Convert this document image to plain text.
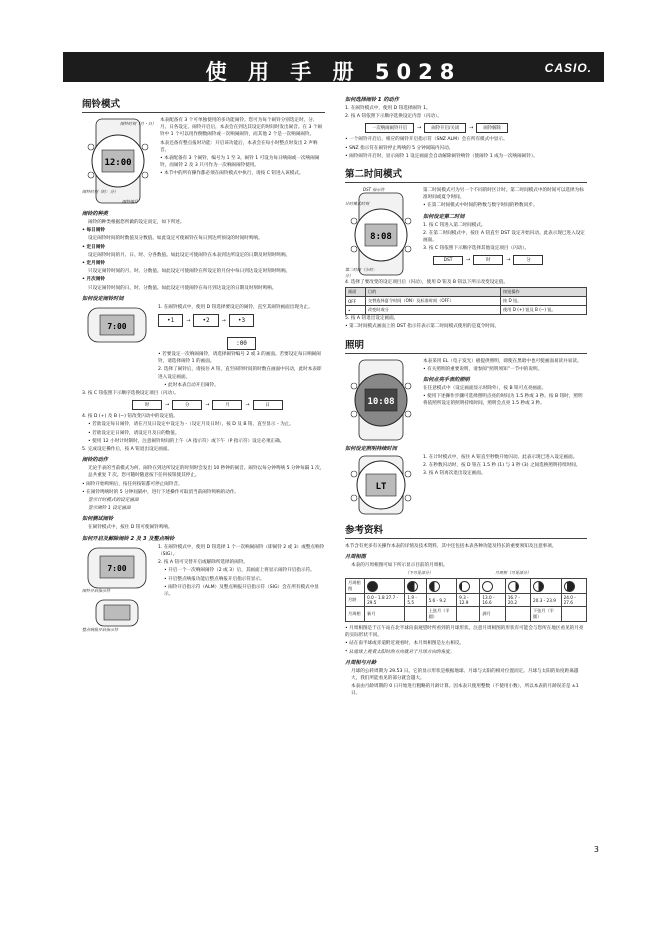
使 用 手 册 5028	CASIO.
闹铃模式
12:00
闹铃时刻（月・日）
闹铃时刻（时：分）
闹铃编号

本表配备有 3 个可单独使用的多功能闹铃。您可为每个闹铃分别选定时、分、月、日各设定。闹铃开启后，本表会在到达其设定的时间时发出闹音。在 3 个闹铃中 1 个可以用作倒数闹铃或一次响闹闹铃，而其他 2 个是一次响闹闹铃。

本表还备有整点报时功能：开启该功能后，本表会在每小时整点时发出 2 声响音。

• 本表配备有 3 个闹铃，编号为 1 至 3。闹铃 1 可设为每日响闹或一次响闹闹铃，而闹铃 2 及 3 只可作为一次响闹闹铃使用。

• 本节中的所有操作都必须在闹铃模式中执行，请按 C 钮进入该模式。

闹铃的种类

闹铃的种类根据您所做的设定而定，如下所述。

• 每日闹铃

设定闹铃时间的时数值及分数值。如此设定可使闹铃在每日到达所预设的时间时鸣响。

• 定日闹铃

设定闹铃时间的月、日、时、分各数值。如此设定可使闹铃在本表到达所设定的日期及时刻时鸣响。

• 定月闹铃

只设定闹铃时间的月、时、分数值。如此设定可使闹铃在所设定的月份中每日到达设定时刻时鸣响。

• 月次闹铃

只设定闹铃时间的日、时、分数值。如此设定可使闹铃在每月到达设定的日期及时刻时鸣响。

如何设定闹铃时间
7:00

1. 在闹铃模式中，使用 D 钮选择要设定的闹铃，直至其闹铃画面出现为止。

•1	→	•2	→	•3
:00

• 若要设定一次响闹闹铃，请选择闹铃编号 2 或 3 的画面。若要设定每日响闹闹铃，请选择闹铃 1 的画面。

2. 选择了闹铃后，请按住 A 钮，直至闹铃时间的时数在画面中闪动，此时本表即进入设定画面。

• 此时本表自动开启闹铃。

3. 按 C 钮依照下示顺序选换设定项目（闪动）。

时	→	分	→	月	→	日

4. 按 D (+) 及 B (−) 钮改变闪动中的设定值。

• 若欲设定每日闹铃，请在月及日设定中设定为 -（设定月及日时），按 D 及 B 钮，直至显示 - 为止。

• 若欲设定定日闹铃，请设定月及日的数值。

• 使用 12 小时计时制时，注意闹铃时间的上午（A 指示符）或下午（P 指示符）设定必须正确。

5. 完成设定操作后，按 A 钮退出设定画面。

闹铃的动作

无论手表的当前模式为何，闹铃在到达所设定的时刻时会发出 10 秒钟的闹音。闹铃以每分钟鸣响 5 分钟每隔 1 次，总共重复 7 次。您可随时随意按下任何按钮使其停止。

• 闹铃开始鸣响后，按任何按钮都可停止闹铃音。

• 在闹铃鸣响时的 5 分钟间隔中，进行下述操作可取消当前闹铃鸣响的动作。

显示计时模式的设定画面

显示闹铃 1 设定画面

如何测试闹铃

在闹铃模式中，按住 D 钮可使闹铃鸣响。

如何开启及解除闹铃 2 及 3 及整点响铃
7:00
闹铃开启指示符
整点响报开启指示符

1. 在闹铃模式中，使用 D 钮选择 1 个一次响闹闹铃（即闹铃 2 或 3）或整点响铃（SIG）。

2. 按 A 钮可交替开启或解除所选择的闹铃。

• 开启一个一次响闹闹铃（2 或 3）后，其画面上将显示闹铃开启指示符。

• 开启整点响报功能后整点响报开启指示符显示。

• 闹铃开启指示符（ALM）及整点响报开启指示符（SIG）会在所有模式中显示。

如何选择闹铃 1 的动作

1. 在闹铃模式中，使用 D 钮选择闹铃 1。

2. 按 A 钮依照下示顺序选换设定内容（闪动）。

一次响闹闹铃开启	→	闹铃开启/关闭	→	闹铃解除

• 一个闹铃开启后，相应的闹铃开启指示符（SNZ ALM）会在所有模式中显示。

• SNZ 指示符在闹铃停止鸣响的 5 分钟间隔内闪动。

• 闹铃闹铃开启时，显示闹铃 1 设定画面会自动解除闹铃响铃（使闹铃 1 成为一次响闹闹铃）。

第二时间模式
8:08
DST 指示符
计时模式时刻
第二时间（小时：分）

第二时间模式可为另一个不同的时区计时。第二时间模式中的时间可以选择为标准时间或夏令时间。

• 在第二时间模式中时间的秒数与数字时间的秒数同步。

如何设定第二时间

1. 按 C 钮进入第二时间模式。

2. 在第二时间模式中，按住 A 钮直至 DST 设定开始闪动。此表示现已进入设定画面。

3. 按 C 钮依照下示顺序选择其他设定项目（闪动）。

DST	→	时	→	分

4. 选择了要改变的设定项目后（闪动），使用 D 钮及 B 钮以下所示改变设定值。

画面	目的	按钮操作
OFF	交替选择夏令时间（ON）及标准时间（OFF）	按 D 钮。
•	改变时或分	使用 D (+) 钮及 B (−) 钮。

5. 按 A 钮退出设定画面。

• 第二时间模式画面上的 DST 指示符表示第二时间模式使用的是夏令时间。

照明
10:08

本表采用 EL（电子发光）板提供照明，即使在黑暗中也可使画面易读并易读。

• 有关照明的重要说明，请参阅“照明须知”一节中的说明。

如何点亮手表的照明

在任意模式中（设定画面显示时除外），按 B 钮可点亮画面。

• 使用下述操作步骤可选择照明点亮的时间为 1.5 秒或 3 秒。按 B 钮时，照明将依照所设定的照明持续时间，照明会点亮 1.5 秒或 3 秒。

如何设定照明持续时间
LT

1. 在计时模式中，按住 A 钮直至秒数开始闪动。此表示现已进入设定画面。

2. 在秒数闪动时，按 D 钮在 1.5 秒 (1) 与 3 秒 (3) 之间选换照明持续时间。

3. 按 A 钮再次退出设定画面。

参考资料

本节含有更多有关操作本表的详情及技术资料，其中还包括本表各种功能及特长的重要须知及注意事项。

月周相图

本表的月周相图可如下所示显示目前的月周相。

（不可见部分）	月周相（可见部分）
月周相图								
月龄	0.0 - 1.8 27.7 - 29.5	1.9 - 5.5	5.6 - 9.2	9.3 - 12.9	13.0 - 16.6	16.7 - 20.2	20.3 - 23.9	24.0 - 27.6
月周相	新月		上弦月（半圆）		满月		下弦月（半圆）	

• 月周相图是于正午站在北半球向南观望时所看到的月球形状。注意月周相图的形状有可能会与您所在地区看见的月亮的实际形状不同。

• 站在南半球或赤道附近观看时，本月周相图是左右相反。

* 从地球上观看太阳时的方向就对于月球方向的角度。

月周相与月龄

月球的公转周期为 29.53 日。它的显示形状是根据地球、月球与太阳的相对位置而定。月球与太阳的角度距离越大，我们所能看见的部分就会越大。

本表由月龄周期的 0 日开始进行粗略的月龄计算。因本表只使用整数（不使用小数），所以本表的月龄误差是 ±1 日。

3
